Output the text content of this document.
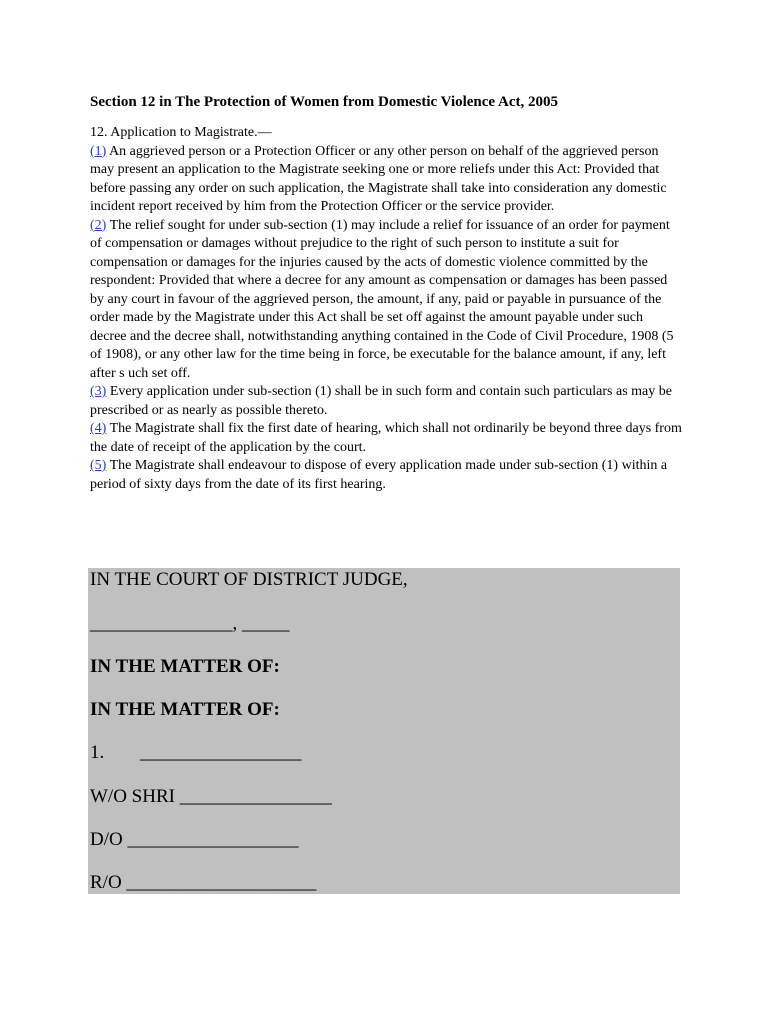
Section 12 in The Protection of Women from Domestic Violence Act, 2005

12. Application to Magistrate.—

(1) An aggrieved person or a Protection Officer or any other person on behalf of the aggrieved person may present an application to the Magistrate seeking one or more reliefs under this Act: Provided that before passing any order on such application, the Magistrate shall take into consideration any domestic incident report received by him from the Protection Officer or the service provider.

(2) The relief sought for under sub-section (1) may include a relief for issuance of an order for payment of compensation or damages without prejudice to the right of such person to institute a suit for compensation or damages for the injuries caused by the acts of domestic violence committed by the respondent: Provided that where a decree for any amount as compensation or damages has been passed by any court in favour of the aggrieved person, the amount, if any, paid or payable in pursuance of the order made by the Magistrate under this Act shall be set off against the amount payable under such decree and the decree shall, notwithstanding anything contained in the Code of Civil Procedure, 1908 (5 of 1908), or any other law for the time being in force, be executable for the balance amount, if any, left after s uch set off.

(3) Every application under sub-section (1) shall be in such form and contain such particulars as may be prescribed or as nearly as possible thereto.

(4) The Magistrate shall fix the first date of hearing, which shall not ordinarily be beyond three days from the date of receipt of the application by the court.

(5) The Magistrate shall endeavour to dispose of every application made under sub-section (1) within a period of sixty days from the date of its first hearing.

IN THE COURT OF DISTRICT JUDGE,
_______________, _____
IN THE MATTER OF:
IN THE MATTER OF:
1. _________________
W/O SHRI ________________
D/O __________________
R/O ____________________
